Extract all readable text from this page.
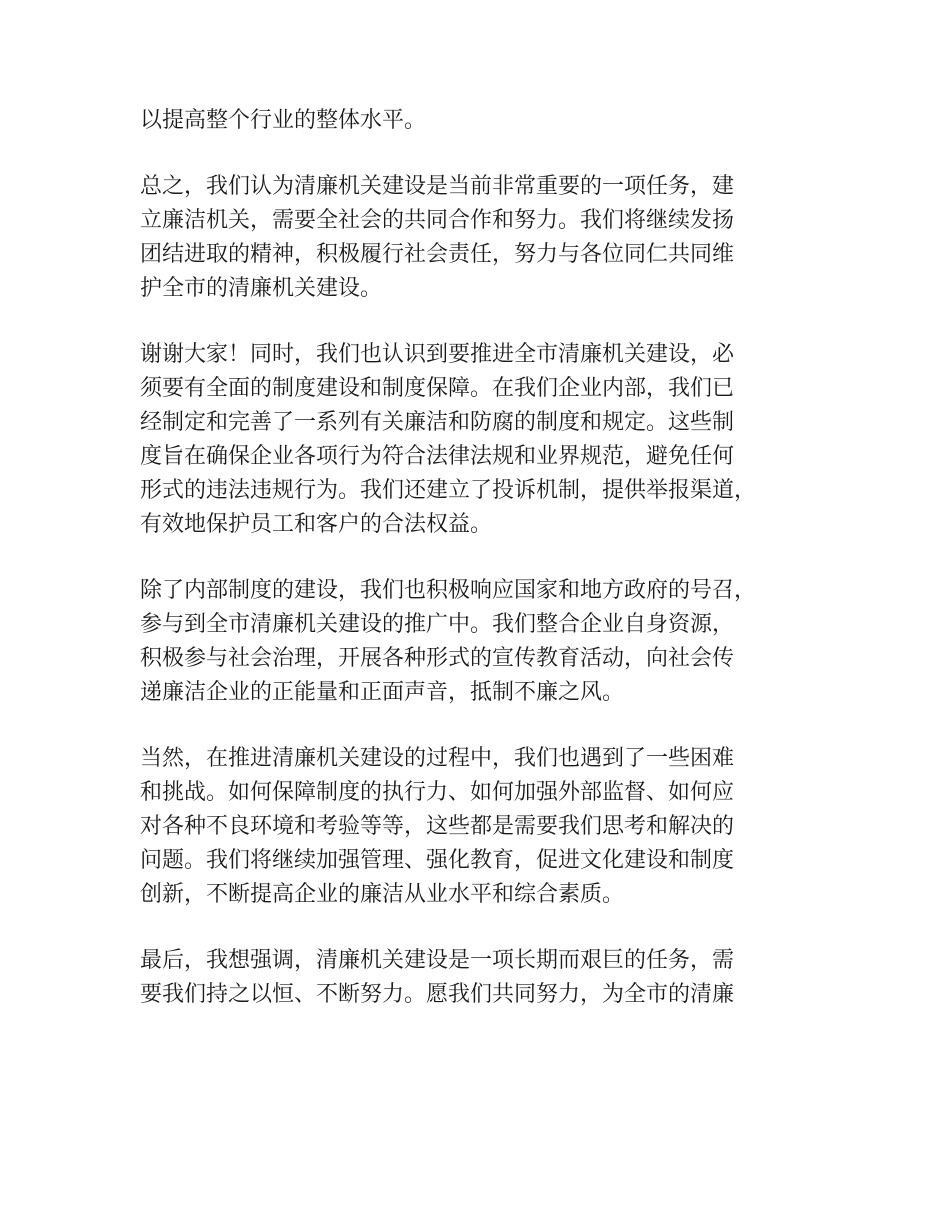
以提高整个行业的整体水平。

总之，我们认为清廉机关建设是当前非常重要的一项任务，建
立廉洁机关，需要全社会的共同合作和努力。我们将继续发扬
团结进取的精神，积极履行社会责任，努力与各位同仁共同维
护全市的清廉机关建设。

谢谢大家！同时，我们也认识到要推进全市清廉机关建设，必
须要有全面的制度建设和制度保障。在我们企业内部，我们已
经制定和完善了一系列有关廉洁和防腐的制度和规定。这些制
度旨在确保企业各项行为符合法律法规和业界规范，避免任何
形式的违法违规行为。我们还建立了投诉机制，提供举报渠道，
有效地保护员工和客户的合法权益。

除了内部制度的建设，我们也积极响应国家和地方政府的号召，
参与到全市清廉机关建设的推广中。我们整合企业自身资源，
积极参与社会治理，开展各种形式的宣传教育活动，向社会传
递廉洁企业的正能量和正面声音，抵制不廉之风。

当然，在推进清廉机关建设的过程中，我们也遇到了一些困难
和挑战。如何保障制度的执行力、如何加强外部监督、如何应
对各种不良环境和考验等等，这些都是需要我们思考和解决的
问题。我们将继续加强管理、强化教育，促进文化建设和制度
创新，不断提高企业的廉洁从业水平和综合素质。

最后，我想强调，清廉机关建设是一项长期而艰巨的任务，需
要我们持之以恒、不断努力。愿我们共同努力，为全市的清廉
